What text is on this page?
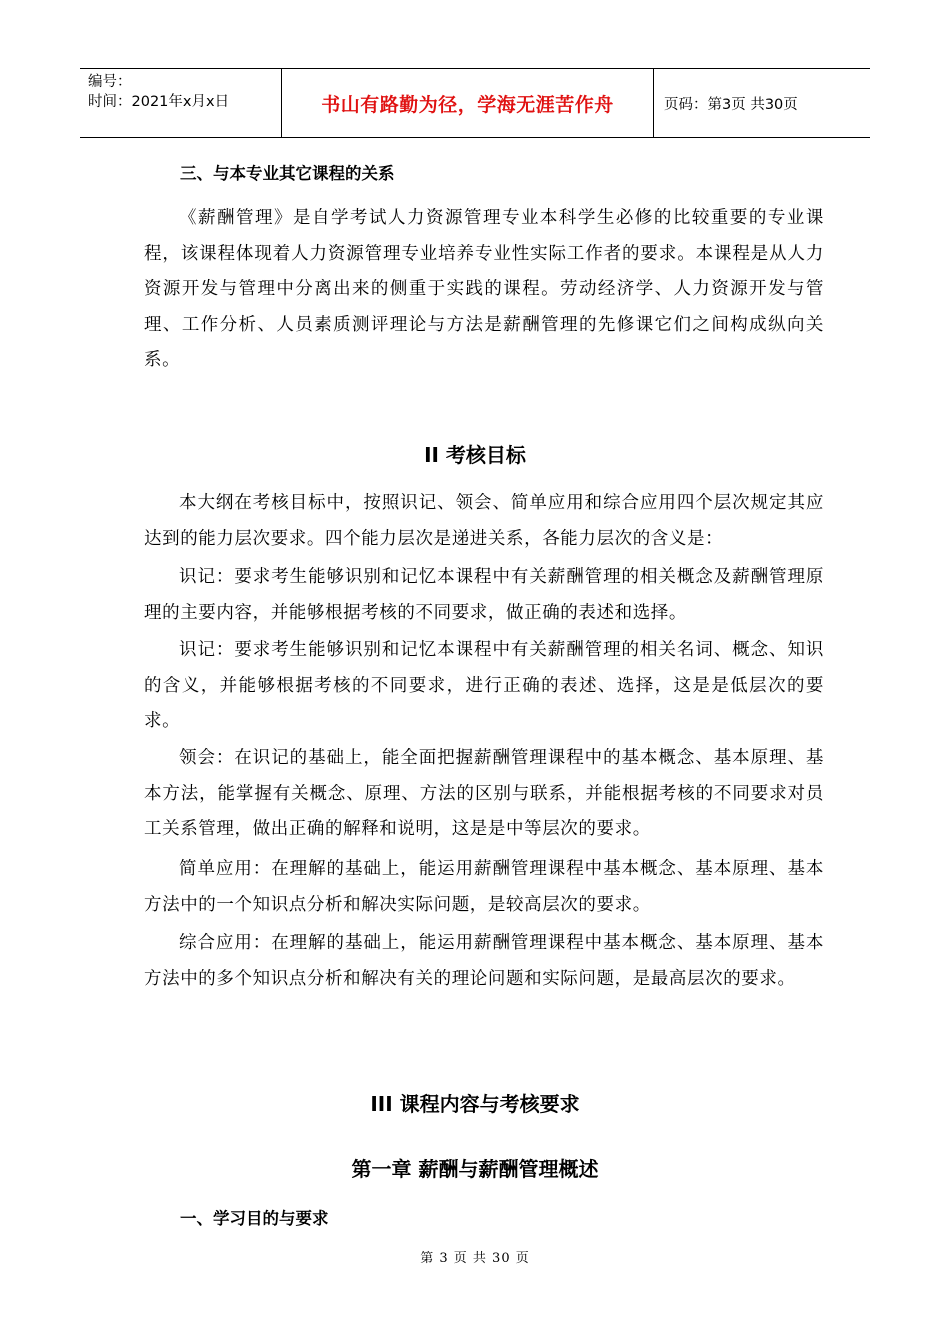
编号：
时间：2021年x月x日	书山有路勤为径，学海无涯苦作舟	页码：第3页 共30页
三、与本专业其它课程的关系
《薪酬管理》是自学考试人力资源管理专业本科学生必修的比较重要的专业课程，该课程体现着人力资源管理专业培养专业性实际工作者的要求。本课程是从人力资源开发与管理中分离出来的侧重于实践的课程。劳动经济学、人力资源开发与管理、工作分析、人员素质测评理论与方法是薪酬管理的先修课它们之间构成纵向关系。
II 考核目标
本大纲在考核目标中，按照识记、领会、简单应用和综合应用四个层次规定其应达到的能力层次要求。四个能力层次是递进关系，各能力层次的含义是：
识记：要求考生能够识别和记忆本课程中有关薪酬管理的相关概念及薪酬管理原理的主要内容，并能够根据考核的不同要求，做正确的表述和选择。
识记：要求考生能够识别和记忆本课程中有关薪酬管理的相关名词、概念、知识的含义，并能够根据考核的不同要求，进行正确的表述、选择，这是是低层次的要求。
领会：在识记的基础上，能全面把握薪酬管理课程中的基本概念、基本原理、基本方法，能掌握有关概念、原理、方法的区别与联系，并能根据考核的不同要求对员工关系管理，做出正确的解释和说明，这是是中等层次的要求。
简单应用：在理解的基础上，能运用薪酬管理课程中基本概念、基本原理、基本方法中的一个知识点分析和解决实际问题，是较高层次的要求。
综合应用：在理解的基础上，能运用薪酬管理课程中基本概念、基本原理、基本方法中的多个知识点分析和解决有关的理论问题和实际问题，是最高层次的要求。
III 课程内容与考核要求
第一章 薪酬与薪酬管理概述
一、学习目的与要求
第 3 页 共 30 页
